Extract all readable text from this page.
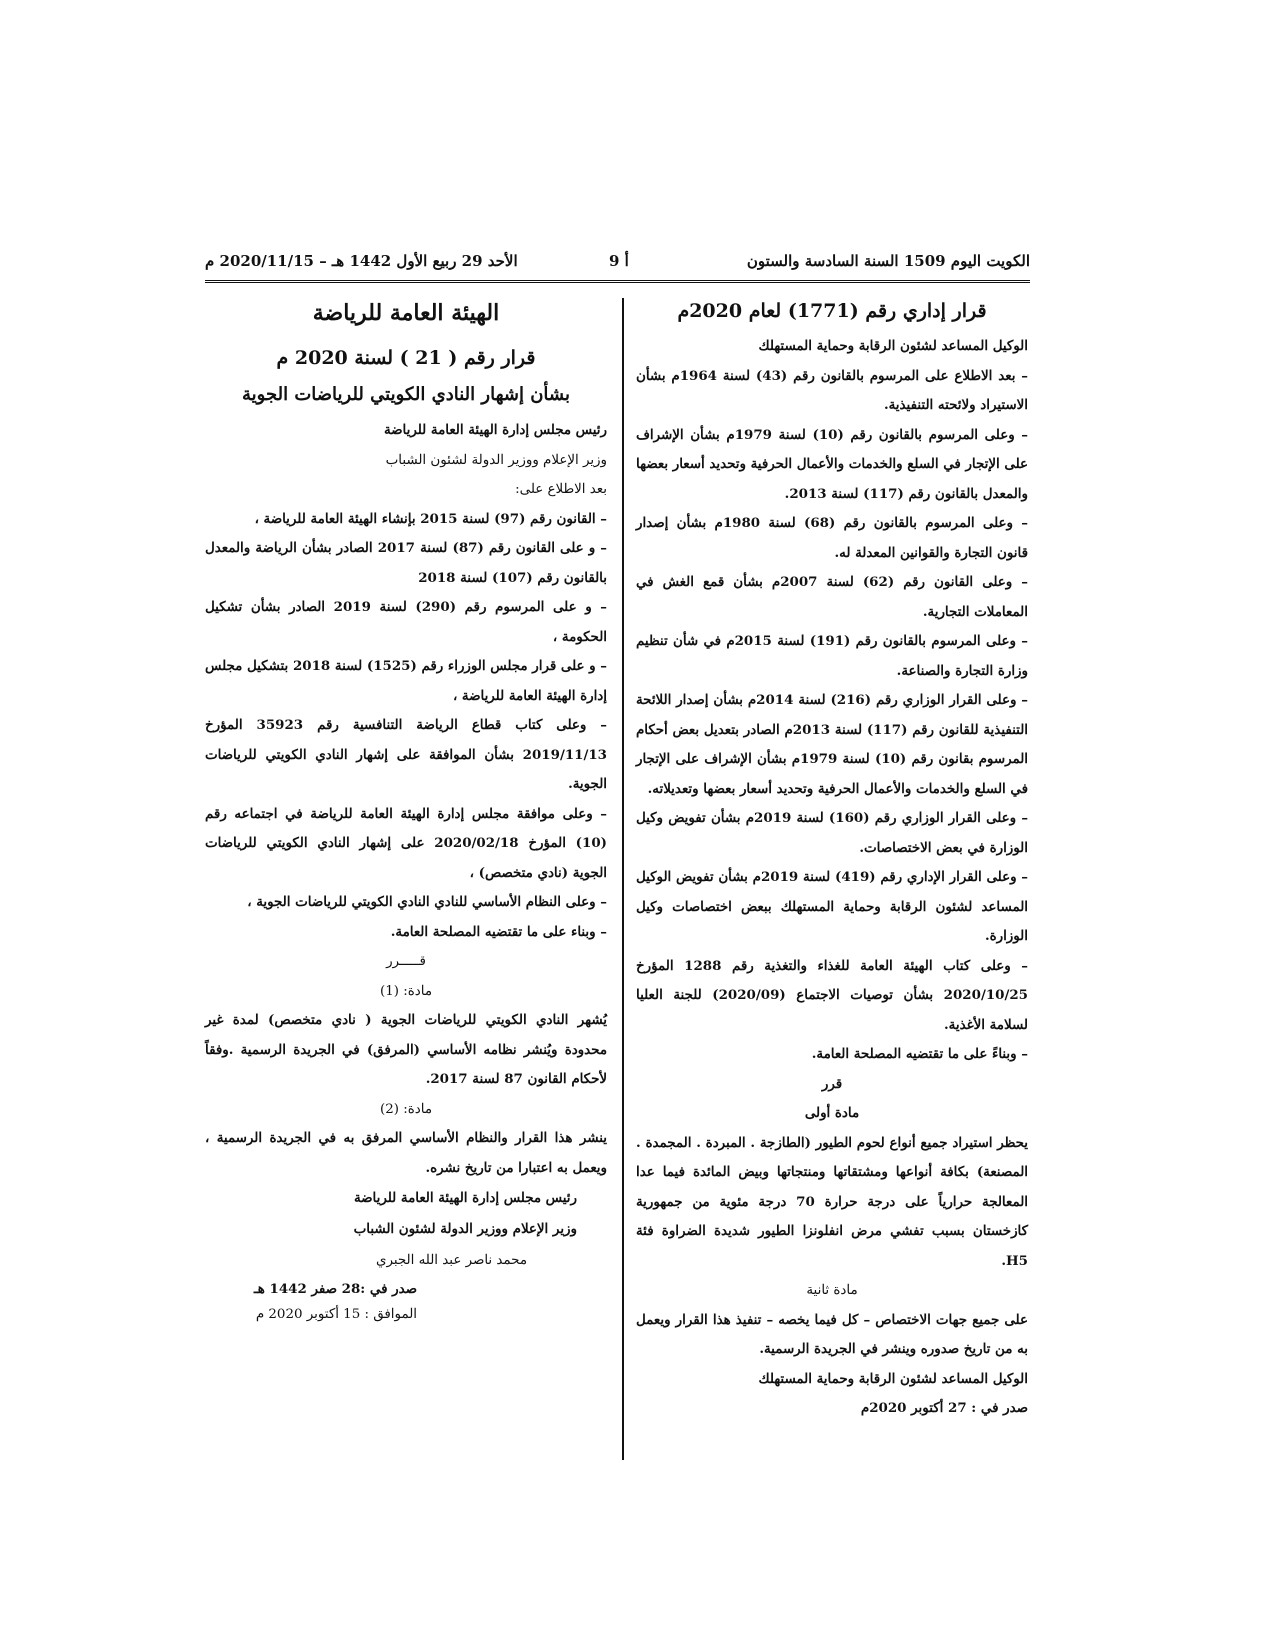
الكويت اليوم 1509 السنة السادسة والستون
أ 9
الأحد 29 ربيع الأول 1442 هـ – 2020/11/15 م

قرار إداري رقم (1771) لعام 2020م

الوكيل المساعد لشئون الرقابة وحماية المستهلك

– بعد الاطلاع على المرسوم بالقانون رقم (43) لسنة 1964م بشأن الاستيراد ولائحته التنفيذية.

– وعلى المرسوم بالقانون رقم (10) لسنة 1979م بشأن الإشراف على الإتجار في السلع والخدمات والأعمال الحرفية وتحديد أسعار بعضها والمعدل بالقانون رقم (117) لسنة 2013.

– وعلى المرسوم بالقانون رقم (68) لسنة 1980م بشأن إصدار قانون التجارة والقوانين المعدلة له.

– وعلى القانون رقم (62) لسنة 2007م بشأن قمع الغش في المعاملات التجارية.

– وعلى المرسوم بالقانون رقم (191) لسنة 2015م في شأن تنظيم وزارة التجارة والصناعة.

– وعلى القرار الوزاري رقم (216) لسنة 2014م بشأن إصدار اللائحة التنفيذية للقانون رقم (117) لسنة 2013م الصادر بتعديل بعض أحكام المرسوم بقانون رقم (10) لسنة 1979م بشأن الإشراف على الإتجار في السلع والخدمات والأعمال الحرفية وتحديد أسعار بعضها وتعديلاته.

– وعلى القرار الوزاري رقم (160) لسنة 2019م بشأن تفويض وكيل الوزارة في بعض الاختصاصات.

– وعلى القرار الإداري رقم (419) لسنة 2019م بشأن تفويض الوكيل المساعد لشئون الرقابة وحماية المستهلك ببعض اختصاصات وكيل الوزارة.

– وعلى كتاب الهيئة العامة للغذاء والتغذية رقم 1288 المؤرخ 2020/10/25 بشأن توصيات الاجتماع (2020/09) للجنة العليا لسلامة الأغذية.

– وبناءً على ما تقتضيه المصلحة العامة.

قرر

مادة أولى

يحظر استيراد جميع أنواع لحوم الطيور (الطازجة . المبردة . المجمدة . المصنعة) بكافة أنواعها ومشتقاتها ومنتجاتها وبيض المائدة فيما عدا المعالجة حرارياً على درجة حرارة 70 درجة مئوية من جمهورية كازخستان بسبب تفشي مرض انفلونزا الطيور شديدة الضراوة فئة H5.

مادة ثانية

على جميع جهات الاختصاص – كل فيما يخصه – تنفيذ هذا القرار ويعمل به من تاريخ صدوره وينشر في الجريدة الرسمية.

الوكيل المساعد لشئون الرقابة وحماية المستهلك

صدر في : 27 أكتوبر 2020م

الهيئة العامة للرياضة

قرار رقم ( 21 ) لسنة 2020 م

بشأن إشهار النادي الكويتي للرياضات الجوية

رئيس مجلس إدارة الهيئة العامة للرياضة

وزير الإعلام ووزير الدولة لشئون الشباب

بعد الاطلاع على:

– القانون رقم (97) لسنة 2015 بإنشاء الهيئة العامة للرياضة ،

– و على القانون رقم (87) لسنة 2017 الصادر بشأن الرياضة والمعدل بالقانون رقم (107) لسنة 2018

– و على المرسوم رقم (290) لسنة 2019 الصادر بشأن تشكيل الحكومة ،

– و على قرار مجلس الوزراء رقم (1525) لسنة 2018 بتشكيل مجلس إدارة الهيئة العامة للرياضة ،

– وعلى كتاب قطاع الرياضة التنافسية رقم 35923 المؤرخ 2019/11/13 بشأن الموافقة على إشهار النادي الكويتي للرياضات الجوية.

– وعلى موافقة مجلس إدارة الهيئة العامة للرياضة في اجتماعه رقم (10) المؤرخ 2020/02/18 على إشهار النادي الكويتي للرياضات الجوية (نادي متخصص) ،

– وعلى النظام الأساسي للنادي النادي الكويتي للرياضات الجوية ،

– وبناء على ما تقتضيه المصلحة العامة.

قـــــرر

مادة: (1)

يُشهر النادي الكويتي للرياضات الجوية ( نادي متخصص) لمدة غير محدودة ويُنشر نظامه الأساسي (المرفق) في الجريدة الرسمية .وفقاً لأحكام القانون 87 لسنة 2017.

مادة: (2)

ينشر هذا القرار والنظام الأساسي المرفق به في الجريدة الرسمية ، ويعمل به اعتبارا من تاريخ نشره.

رئيس مجلس إدارة الهيئة العامة للرياضة

وزير الإعلام ووزير الدولة لشئون الشباب

محمد ناصر عبد الله الجبري

صدر في :28 صفر 1442 هـ

الموافق : 15 أكتوبر 2020 م
